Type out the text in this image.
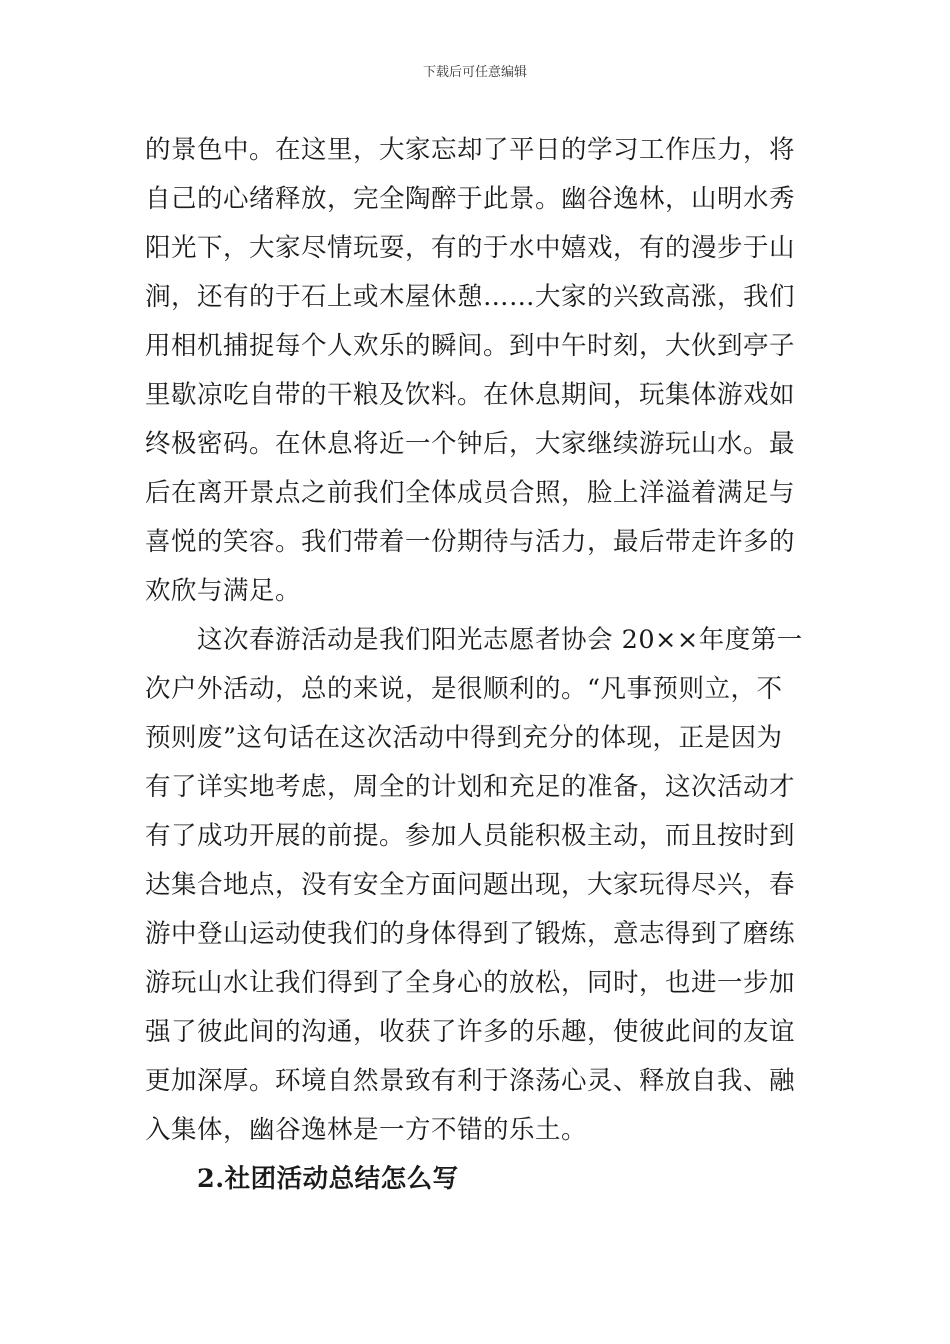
下载后可任意编辑

的景色中。在这里，大家忘却了平日的学习工作压力，将
自己的心绪释放，完全陶醉于此景。幽谷逸林，山明水秀
阳光下，大家尽情玩耍，有的于水中嬉戏，有的漫步于山
涧，还有的于石上或木屋休憩……大家的兴致高涨，我们
用相机捕捉每个人欢乐的瞬间。到中午时刻，大伙到亭子
里歇凉吃自带的干粮及饮料。在休息期间，玩集体游戏如
终极密码。在休息将近一个钟后，大家继续游玩山水。最
后在离开景点之前我们全体成员合照，脸上洋溢着满足与
喜悦的笑容。我们带着一份期待与活力，最后带走许多的
欢欣与满足。

这次春游活动是我们阳光志愿者协会 20××年度第一
次户外活动，总的来说，是很顺利的。“凡事预则立，不
预则废”这句话在这次活动中得到充分的体现，正是因为
有了详实地考虑，周全的计划和充足的准备，这次活动才
有了成功开展的前提。参加人员能积极主动，而且按时到
达集合地点，没有安全方面问题出现，大家玩得尽兴，春
游中登山运动使我们的身体得到了锻炼，意志得到了磨练
游玩山水让我们得到了全身心的放松，同时，也进一步加
强了彼此间的沟通，收获了许多的乐趣，使彼此间的友谊
更加深厚。环境自然景致有利于涤荡心灵、释放自我、融
入集体，幽谷逸林是一方不错的乐土。

2.社团活动总结怎么写
